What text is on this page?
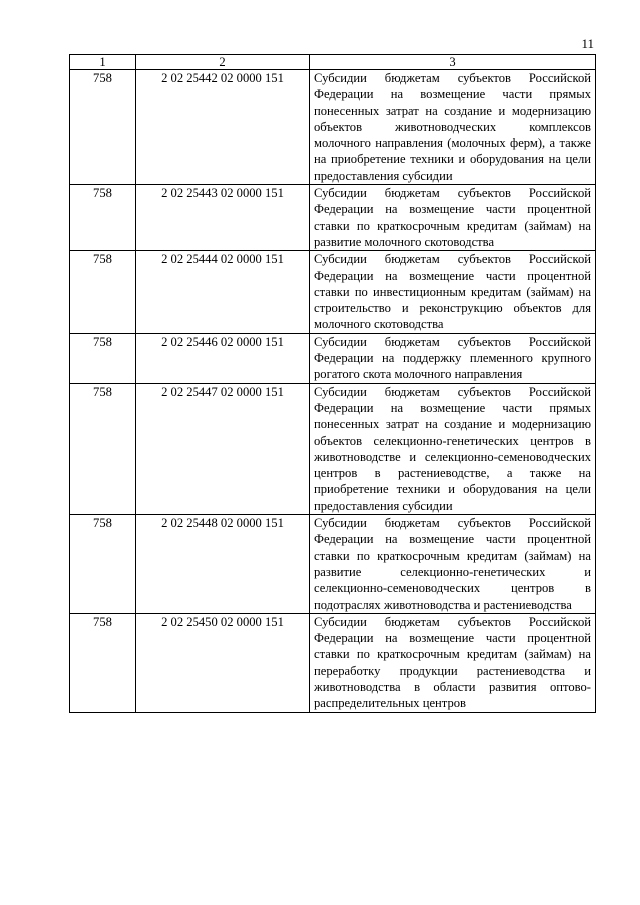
11
1	2	3
758	2 02 25442 02 0000 151	Субсидии бюджетам субъектов Российской Федерации на возмещение части прямых понесенных затрат на создание и модернизацию объектов животноводческих комплексов молочного направления (молочных ферм), а также на приобретение техники и оборудования на цели предоставления субсидии
758	2 02 25443 02 0000 151	Субсидии бюджетам субъектов Российской Федерации на возмещение части процентной ставки по краткосрочным кредитам (займам) на развитие молочного скотоводства
758	2 02 25444 02 0000 151	Субсидии бюджетам субъектов Российской Федерации на возмещение части процентной ставки по инвестиционным кредитам (займам) на строительство и реконструкцию объектов для молочного скотоводства
758	2 02 25446 02 0000 151	Субсидии бюджетам субъектов Российской Федерации на поддержку племенного крупного рогатого скота молочного направления
758	2 02 25447 02 0000 151	Субсидии бюджетам субъектов Российской Федерации на возмещение части прямых понесенных затрат на создание и модернизацию объектов селекционно-генетических центров в животноводстве и селекционно-семеноводческих центров в растениеводстве, а также на приобретение техники и оборудования на цели предоставления субсидии
758	2 02 25448 02 0000 151	Субсидии бюджетам субъектов Российской Федерации на возмещение части процентной ставки по краткосрочным кредитам (займам) на развитие селекционно-генетических и селекционно-семеноводческих центров в подотраслях животноводства и растениеводства
758	2 02 25450 02 0000 151	Субсидии бюджетам субъектов Российской Федерации на возмещение части процентной ставки по краткосрочным кредитам (займам) на переработку продукции растениеводства и животноводства в области развития оптово-распределительных центров
